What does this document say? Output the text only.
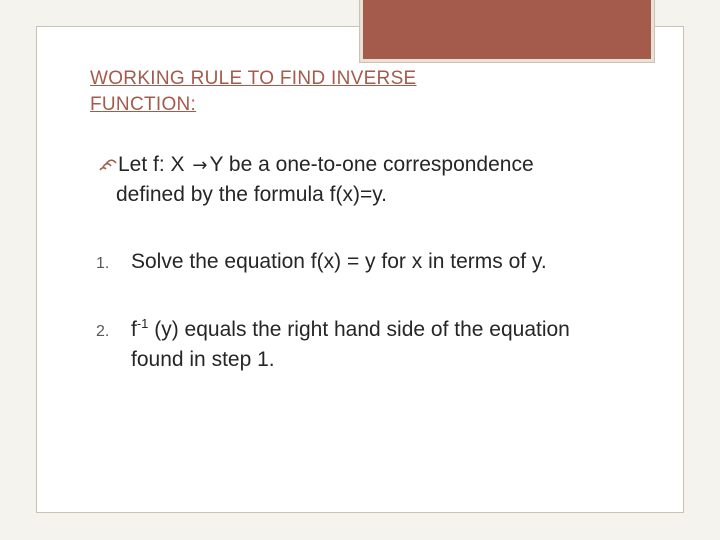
WORKING RULE TO FIND INVERSE FUNCTION:
Let f: X →Y be a one-to-one correspondence
defined by the formula f(x)=y.
1.	Solve the equation f(x) = y for x in terms of y.
2.	$f^{-1}$ (y) equals the right hand side of the equation
found in step 1.
